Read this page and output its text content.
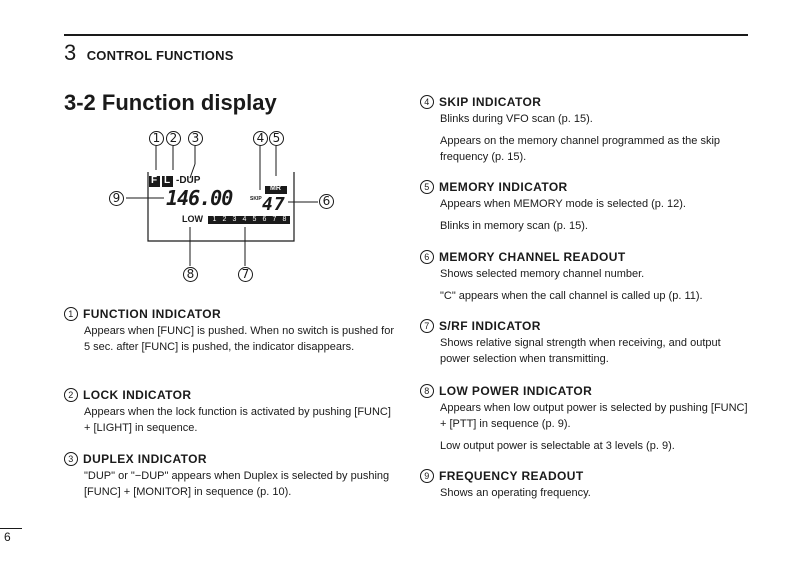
3 CONTROL FUNCTIONS
3-2 Function display
1 2	3	4 5
6
7
8
9
F L -DUP
MR
SKIP
146.00 47
LOW	1 2 3 4 5 6 7 8
1 FUNCTION INDICATOR

Appears when [FUNC] is pushed. When no switch is pushed for 5 sec. after [FUNC] is pushed, the indicator disappears.

2 LOCK INDICATOR

Appears when the lock function is activated by pushing [FUNC] + [LIGHT] in sequence.

3 DUPLEX INDICATOR

"DUP" or "−DUP" appears when Duplex is selected by pushing [FUNC] + [MONITOR] in sequence (p. 10).

4 SKIP INDICATOR

Blinks during VFO scan (p. 15).

Appears on the memory channel programmed as the skip frequency (p. 15).

5 MEMORY INDICATOR

Appears when MEMORY mode is selected (p. 12).

Blinks in memory scan (p. 15).

6 MEMORY CHANNEL READOUT

Shows selected memory channel number.

"C" appears when the call channel is called up (p. 11).

7 S/RF INDICATOR

Shows relative signal strength when receiving, and output power selection when transmitting.

8 LOW POWER INDICATOR

Appears when low output power is selected by pushing [FUNC] + [PTT] in sequence (p. 9).

Low output power is selectable at 3 levels (p. 9).

9 FREQUENCY READOUT

Shows an operating frequency.

6
